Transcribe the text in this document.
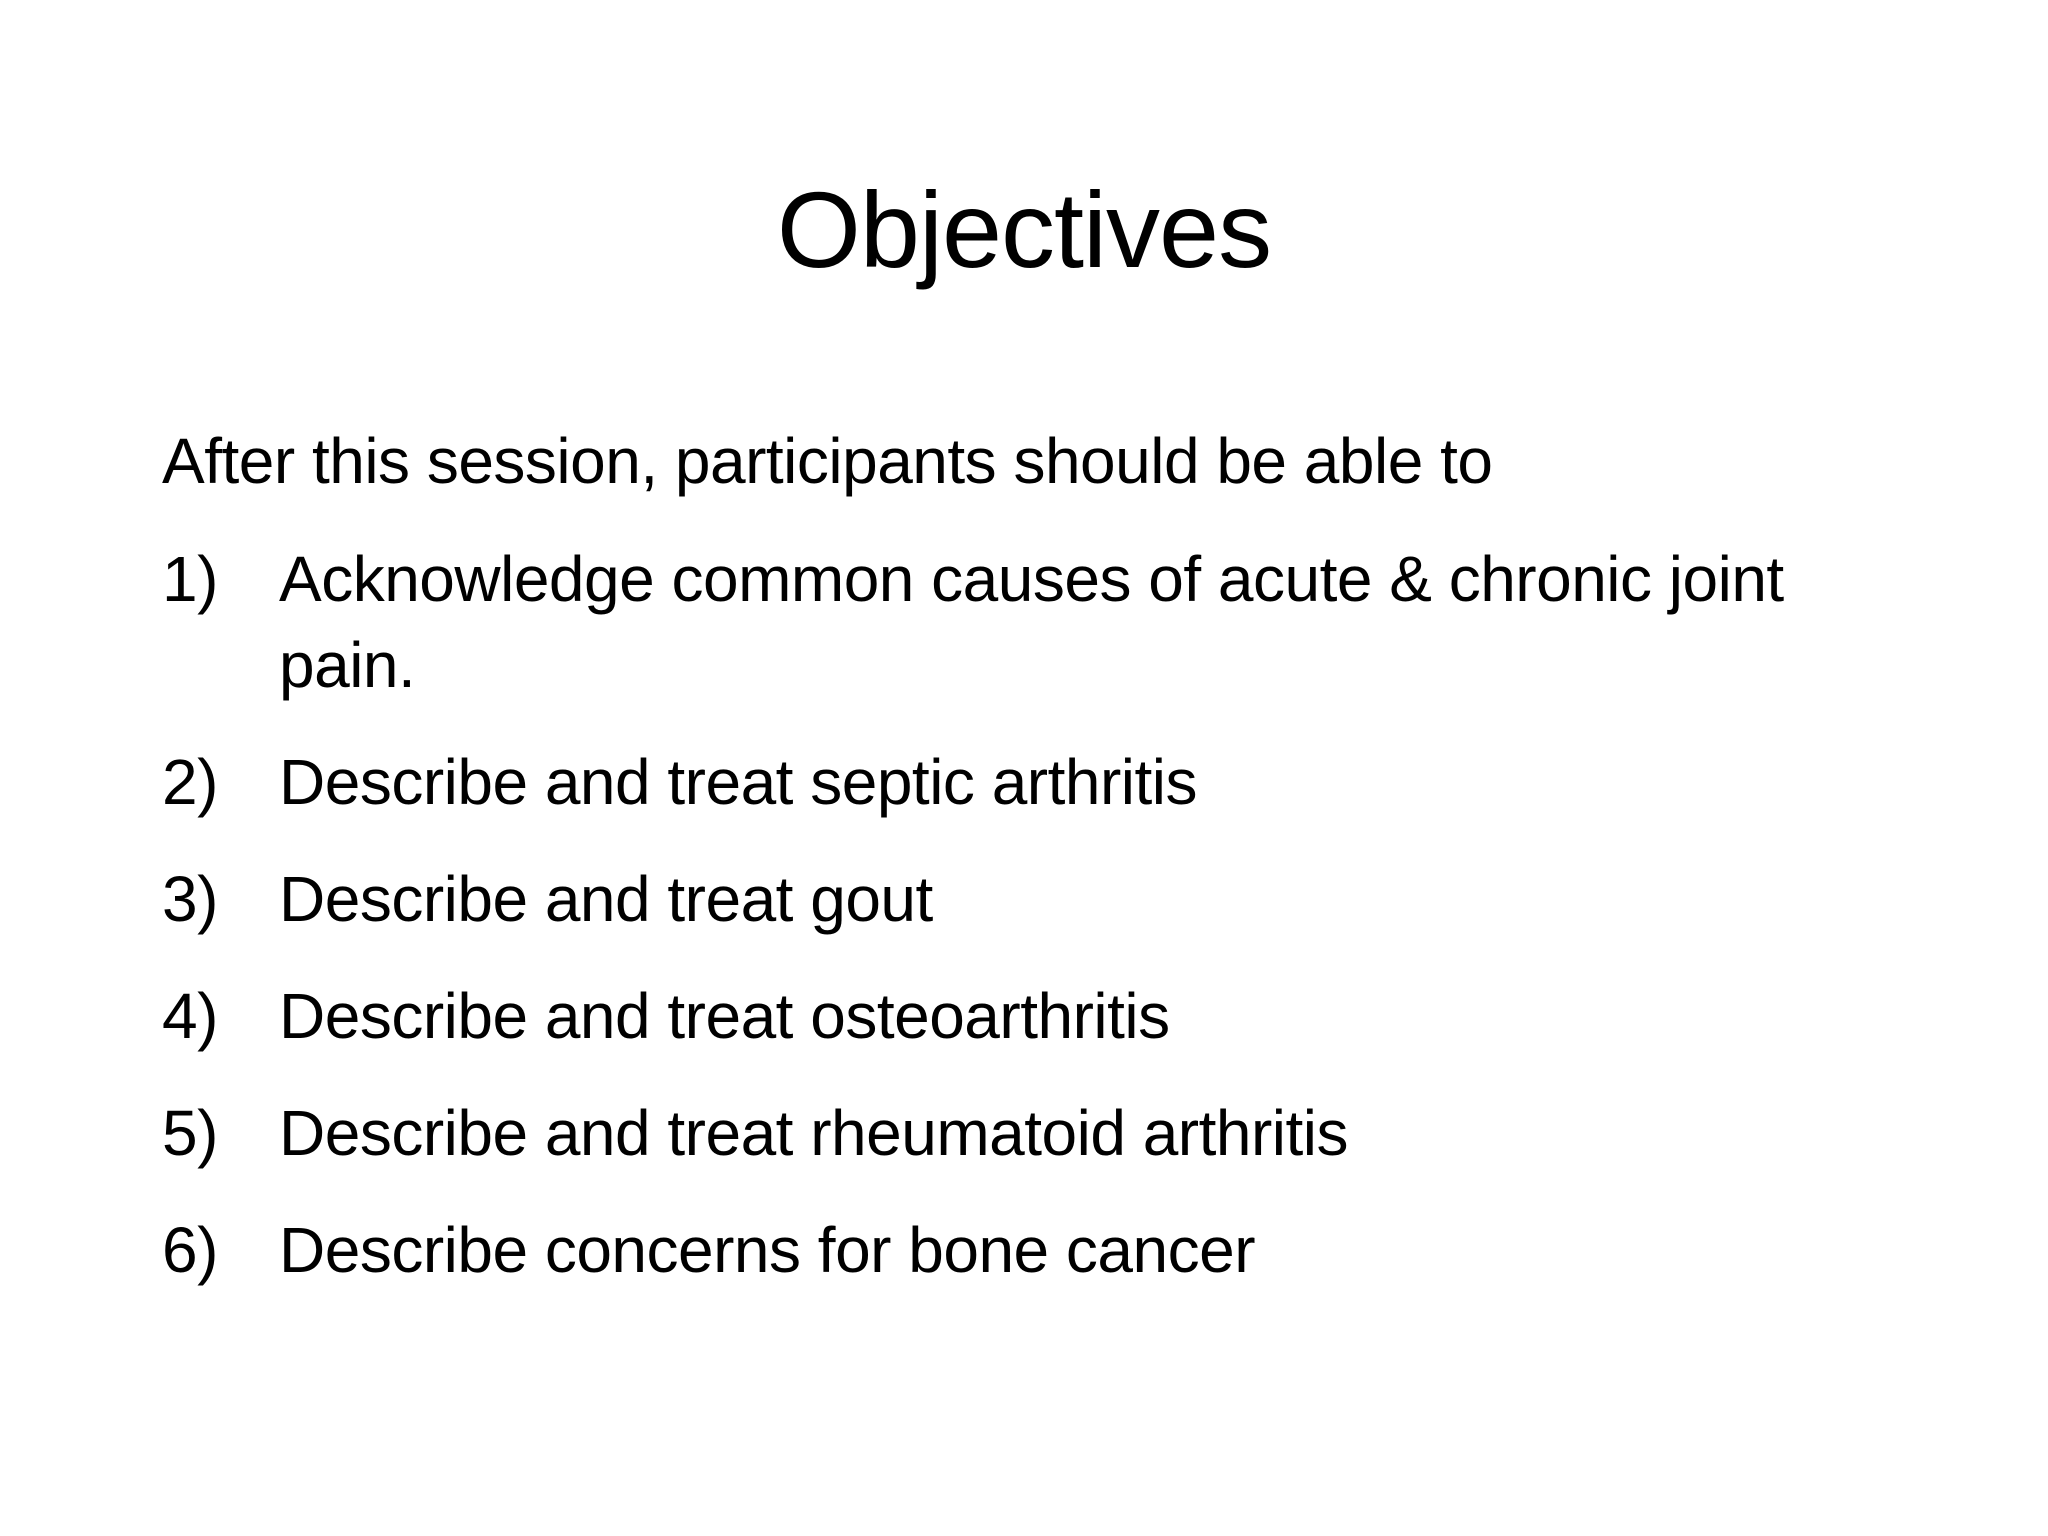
Objectives
After this session, participants should be able to
1) Acknowledge common causes of acute & chronic joint pain.
2) Describe and treat septic arthritis
3) Describe and treat gout
4) Describe and treat osteoarthritis
5) Describe and treat rheumatoid arthritis
6) Describe concerns for bone cancer
